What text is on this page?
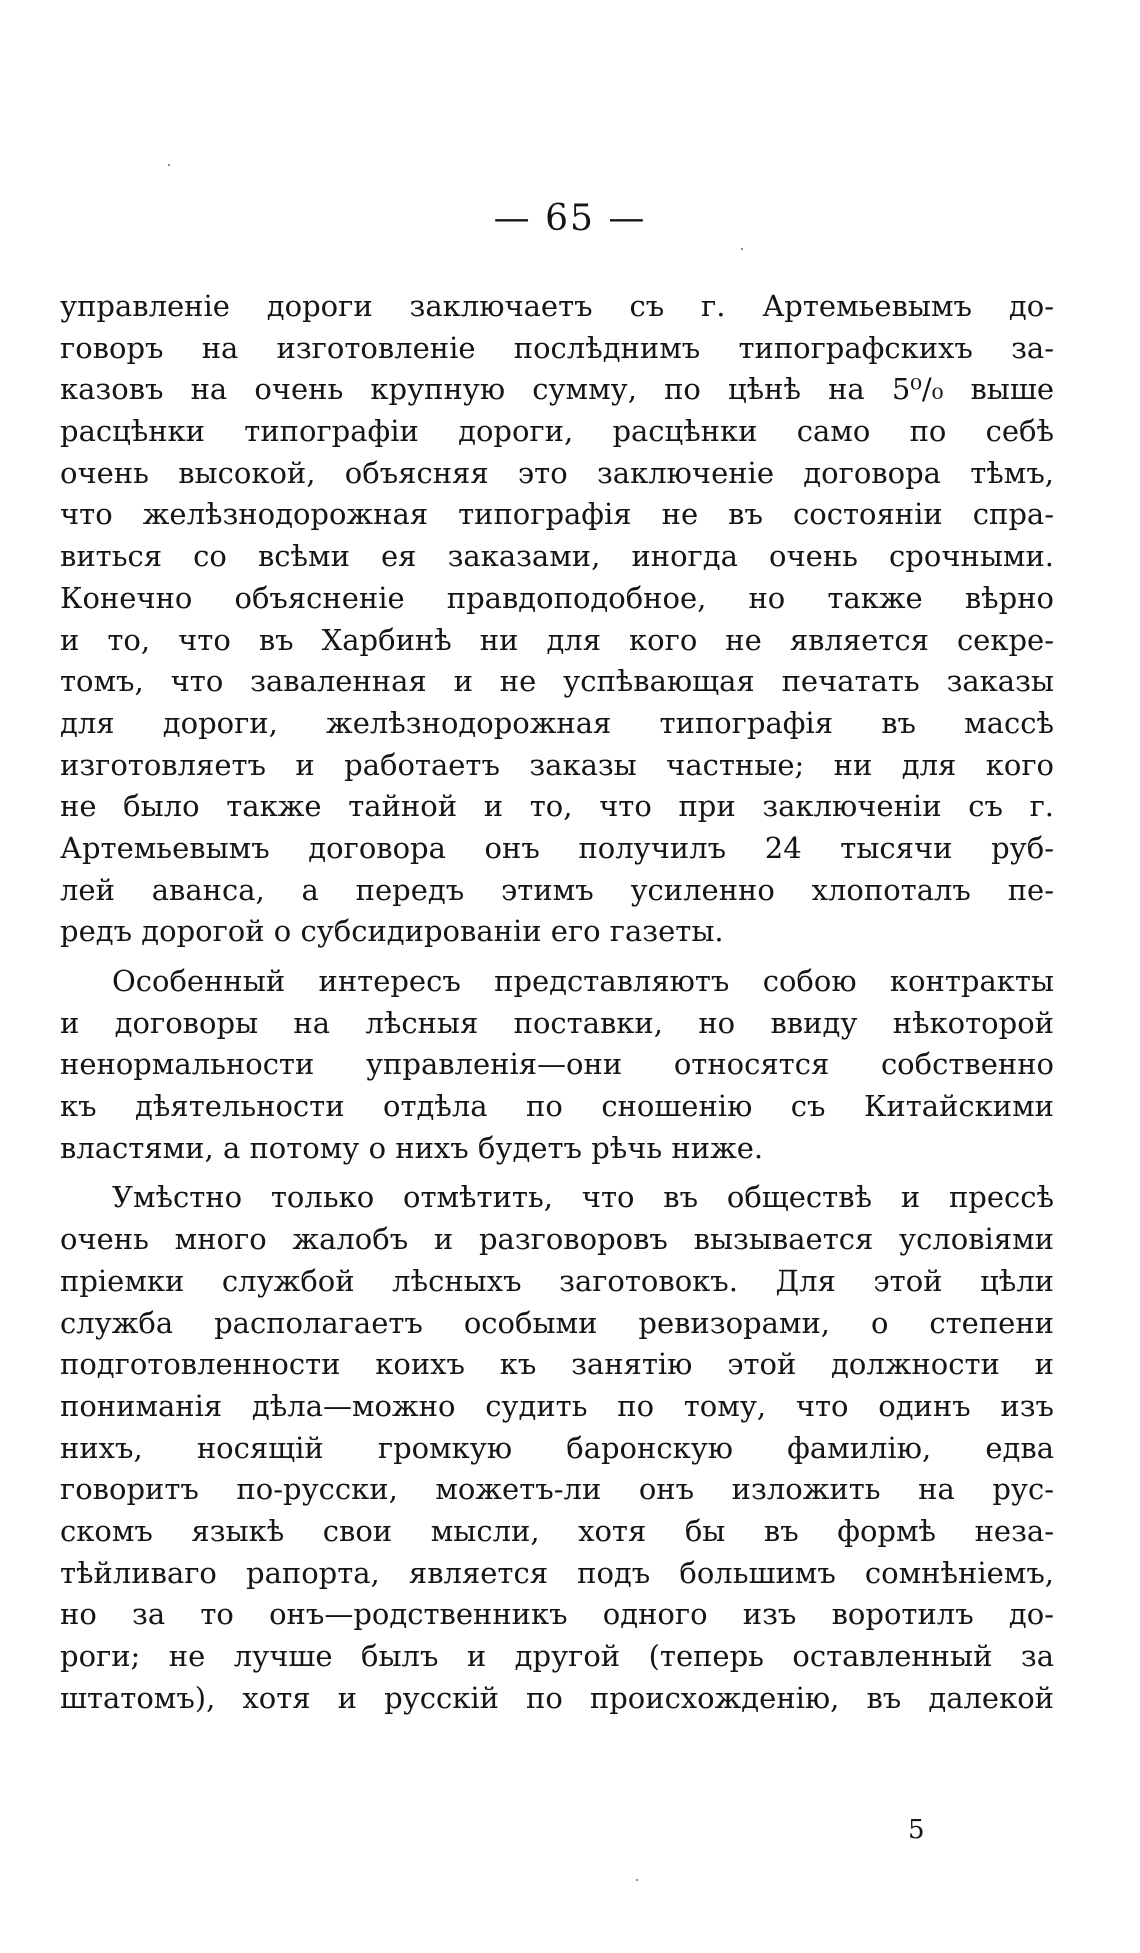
— 65 —
управленіе дороги заключаетъ съ г. Артемьевымъ до-
говоръ на изготовленіе послѣднимъ типографскихъ за-
казовъ на очень крупную сумму, по цѣнѣ на 5⁰/₀ выше
расцѣнки типографіи дороги, расцѣнки само по себѣ
очень высокой, объясняя это заключеніе договора тѣмъ,
что желѣзнодорожная типографія не въ состояніи спра-
виться со всѣми ея заказами, иногда очень срочными.
Конечно объясненіе правдоподобное, но также вѣрно
и то, что въ Харбинѣ ни для кого не является секре-
томъ, что заваленная и не успѣвающая печатать заказы
для дороги, желѣзнодорожная типографія въ массѣ
изготовляетъ и работаетъ заказы частные; ни для кого
не было также тайной и то, что при заключеніи съ г.
Артемьевымъ договора онъ получилъ 24 тысячи руб-
лей аванса, а передъ этимъ усиленно хлопоталъ пе-
редъ дорогой о субсидированіи его газеты.
Особенный интересъ представляютъ собою контракты
и договоры на лѣсныя поставки, но ввиду нѣкоторой
ненормальности управленія—они относятся собственно
къ дѣятельности отдѣла по сношенію съ Китайскими
властями, а потому о нихъ будетъ рѣчь ниже.
Умѣстно только отмѣтить, что въ обществѣ и прессѣ
очень много жалобъ и разговоровъ вызывается условіями
пріемки службой лѣсныхъ заготовокъ. Для этой цѣли
служба располагаетъ особыми ревизорами, о степени
подготовленности коихъ къ занятію этой должности и
пониманія дѣла—можно судить по тому, что одинъ изъ
нихъ, носящій громкую баронскую фамилію, едва
говоритъ по-русски, можетъ-ли онъ изложить на рус-
скомъ языкѣ свои мысли, хотя бы въ формѣ неза-
тѣйливаго рапорта, является подъ большимъ сомнѣніемъ,
но за то онъ—родственникъ одного изъ воротилъ до-
роги; не лучше былъ и другой (теперь оставленный за
штатомъ), хотя и русскій по происхожденію, въ далекой
5
